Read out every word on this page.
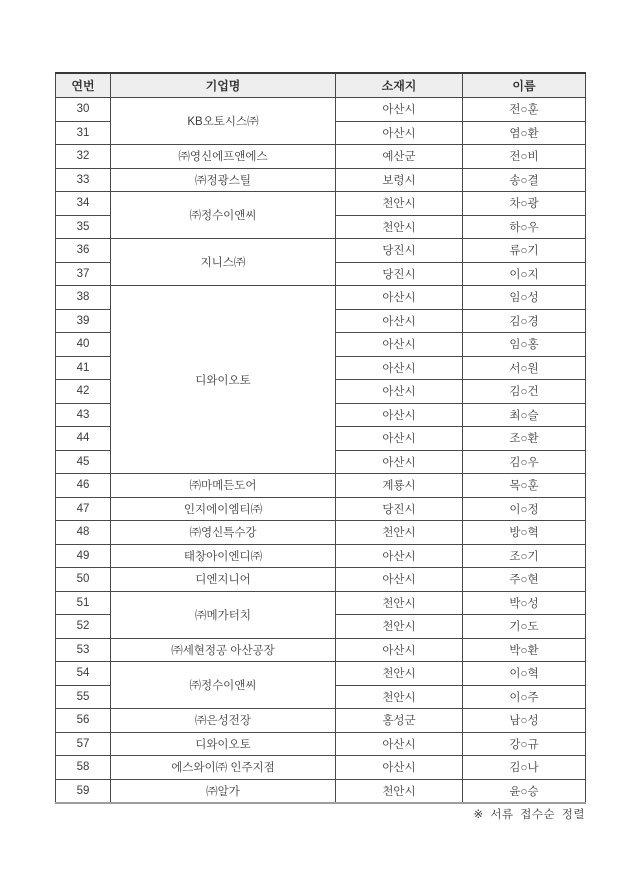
연번	기업명	소재지	이름
30	KB오토시스㈜	아산시	전○훈
31		아산시	염○환
32	㈜영신에프앤에스	예산군	전○비
33	㈜정광스틸	보령시	송○결
34	㈜정수이앤씨	천안시	차○광
35		천안시	하○우
36	지니스㈜	당진시	류○기
37		당진시	이○지
38	디와이오토	아산시	임○성
39		아산시	김○경
40		아산시	임○홍
41		아산시	서○원
42		아산시	김○건
43		아산시	최○슬
44		아산시	조○환
45		아산시	김○우
46	㈜마메든도어	계룡시	목○훈
47	인지에이엠티㈜	당진시	이○정
48	㈜영신특수강	천안시	방○혁
49	태창아이엔디㈜	아산시	조○기
50	디엔지니어	아산시	주○현
51	㈜메가터치	천안시	박○성
52		천안시	기○도
53	㈜세현정공 아산공장	아산시	박○환
54	㈜정수이앤씨	천안시	이○혁
55		천안시	이○주
56	㈜은성전장	홍성군	남○성
57	디와이오토	아산시	강○규
58	에스와이㈜ 인주지점	아산시	김○나
59	㈜알가	천안시	윤○승
※ 서류 접수순 정렬
